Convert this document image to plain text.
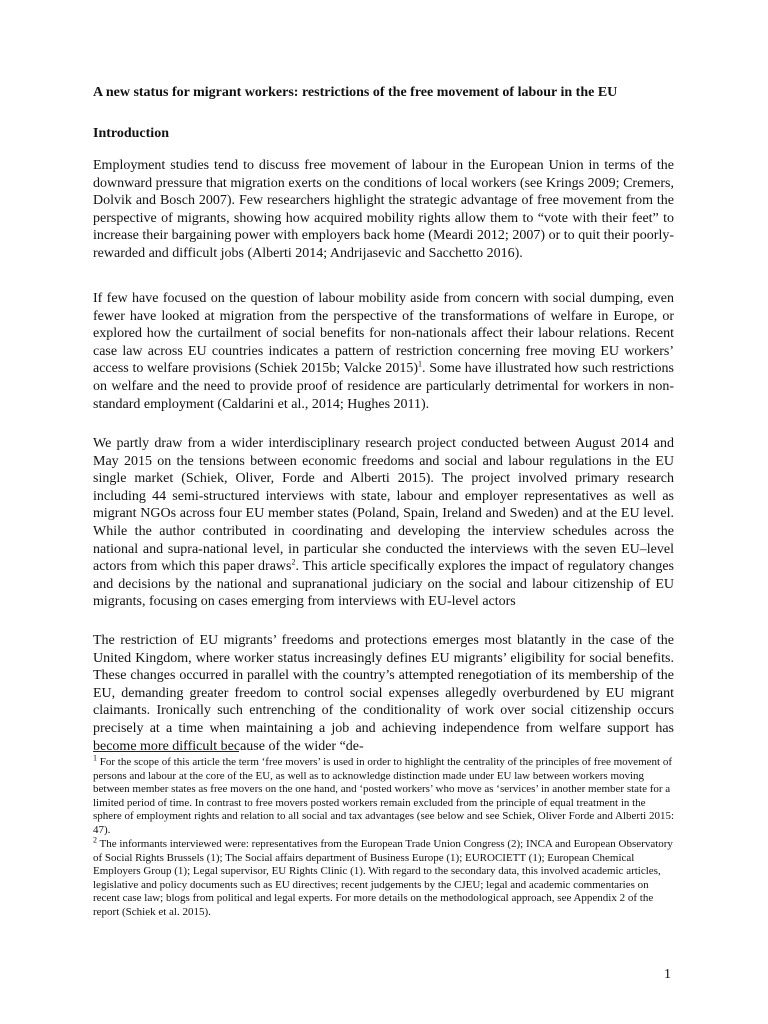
A new status for migrant workers: restrictions of the free movement of labour in the EU
Introduction

Employment studies tend to discuss free movement of labour in the European Union in terms of the downward pressure that migration exerts on the conditions of local workers (see Krings 2009; Cremers, Dolvik and Bosch 2007). Few researchers highlight the strategic advantage of free movement from the perspective of migrants, showing how acquired mobility rights allow them to “vote with their feet” to increase their bargaining power with employers back home (Meardi 2012; 2007) or to quit their poorly-rewarded and difficult jobs (Alberti 2014; Andrijasevic and Sacchetto 2016).

If few have focused on the question of labour mobility aside from concern with social dumping, even fewer have looked at migration from the perspective of the transformations of welfare in Europe, or explored how the curtailment of social benefits for non-nationals affect their labour relations. Recent case law across EU countries indicates a pattern of restriction concerning free moving EU workers’ access to welfare provisions (Schiek 2015b; Valcke 2015)$^1$. Some have illustrated how such restrictions on welfare and the need to provide proof of residence are particularly detrimental for workers in non-standard employment (Caldarini et al., 2014; Hughes 2011).

We partly draw from a wider interdisciplinary research project conducted between August 2014 and May 2015 on the tensions between economic freedoms and social and labour regulations in the EU single market (Schiek, Oliver, Forde and Alberti 2015). The project involved primary research including 44 semi-structured interviews with state, labour and employer representatives as well as migrant NGOs across four EU member states (Poland, Spain, Ireland and Sweden) and at the EU level. While the author contributed in coordinating and developing the interview schedules across the national and supra-national level, in particular she conducted the interviews with the seven EU–level actors from which this paper draws$^2$. This article specifically explores the impact of regulatory changes and decisions by the national and supranational judiciary on the social and labour citizenship of EU migrants, focusing on cases emerging from interviews with EU-level actors

The restriction of EU migrants’ freedoms and protections emerges most blatantly in the case of the United Kingdom, where worker status increasingly defines EU migrants’ eligibility for social benefits. These changes occurred in parallel with the country’s attempted renegotiation of its membership of the EU, demanding greater freedom to control social expenses allegedly overburdened by EU migrant claimants. Ironically such entrenching of the conditionality of work over social citizenship occurs precisely at a time when maintaining a job and achieving independence from welfare support has become more difficult because of the wider “de-

$^1$ For the scope of this article the term ‘free movers’ is used in order to highlight the centrality of the principles of free movement of persons and labour at the core of the EU, as well as to acknowledge distinction made under EU law between workers moving between member states as free movers on the one hand, and ‘posted workers’ who move as ‘services’ in another member state for a limited period of time. In contrast to free movers posted workers remain excluded from the principle of equal treatment in the sphere of employment rights and relation to all social and tax advantages (see below and see Schiek, Oliver Forde and Alberti 2015: 47).

$^2$ The informants interviewed were: representatives from the European Trade Union Congress (2); INCA and European Observatory of Social Rights Brussels (1); The Social affairs department of Business Europe (1); EUROCIETT (1); European Chemical Employers Group (1); Legal supervisor, EU Rights Clinic (1). With regard to the secondary data, this involved academic articles, legislative and policy documents such as EU directives; recent judgements by the CJEU; legal and academic commentaries on recent case law; blogs from political and legal experts. For more details on the methodological approach, see Appendix 2 of the report (Schiek et al. 2015).

1
